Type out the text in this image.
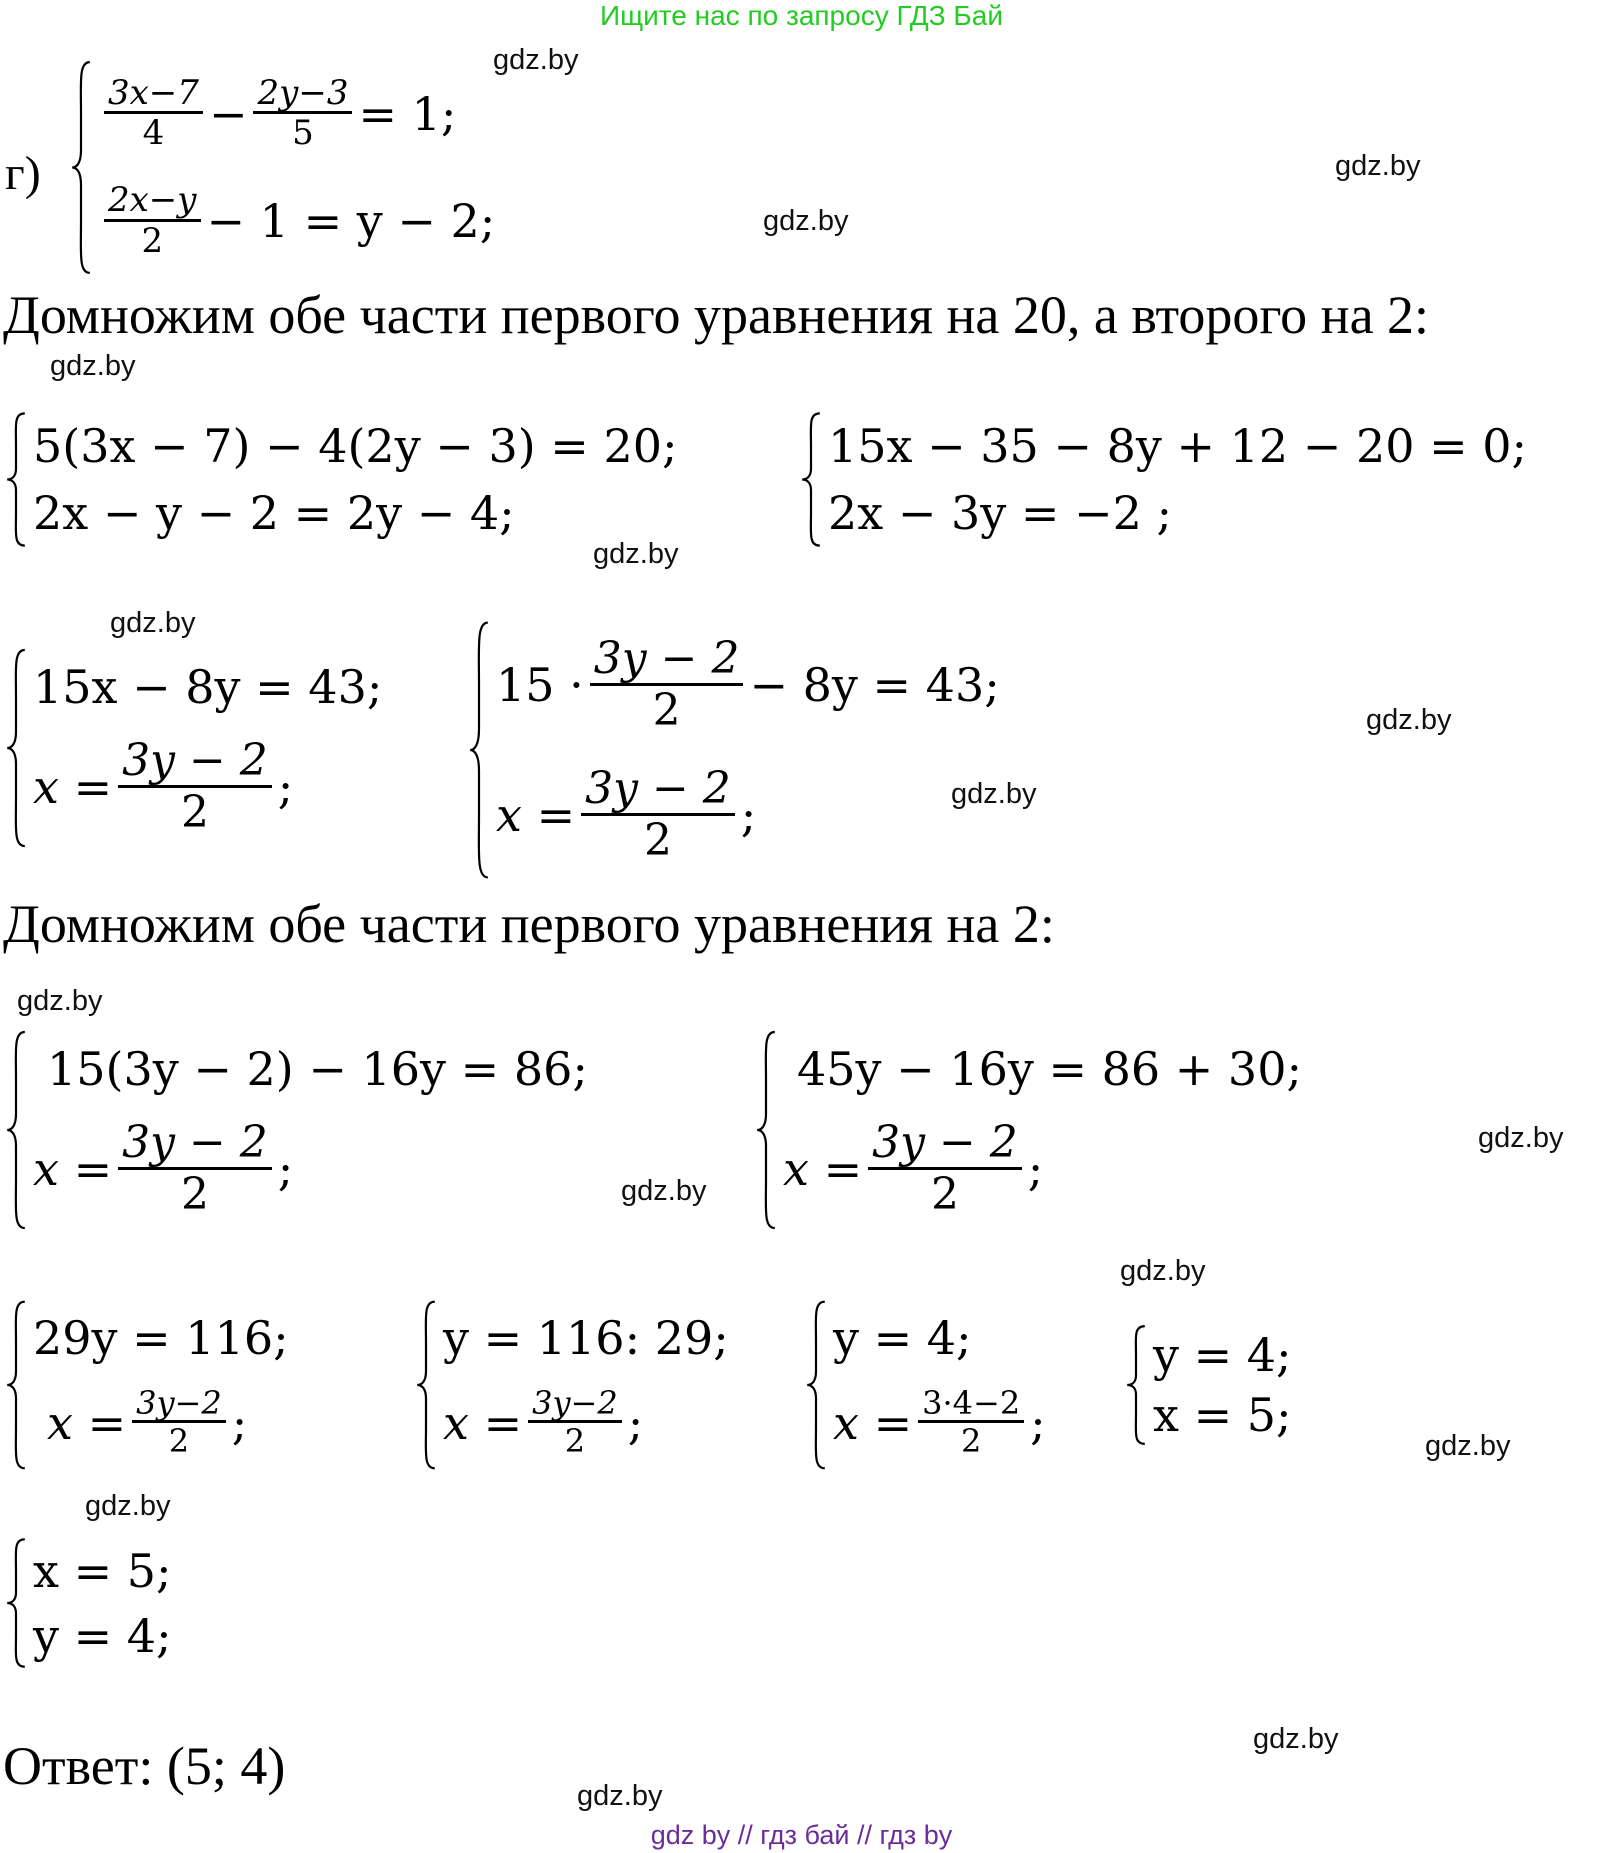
Ищите нас по запросу ГДЗ Бай
gdz.by
gdz.by
gdz.by
gdz.by
gdz.by
gdz.by
gdz.by
gdz.by
gdz.by
gdz.by
gdz.by
gdz.by
gdz.by
gdz.by
gdz.by
gdz.by
г)
3x−7
$4 - \frac{2y-3}{5} = 1$;
2x−y
2 − 1 = y − 2;
Домножим обе части первого уравнения на 20, а второго на 2:
5(3x − 7) − 4(2y − 3) = 20;
2x − y − 2 = 2y − 4;
15x − 35 − 8y + 12 − 20 = 0;
2x − 3y = −2 ;
15x − 8y = 43;
$x = \frac{3y - 2}{2}$ ;
15 · 3y − 2
2 − 8y = 43;
$x = \frac{3y - 2}{2}$ ;
Домножим обе части первого уравнения на 2:
15(3y − 2) − 16y = 86;
$x = \frac{3y - 2}{2}$ ;
45y − 16y = 86 + 30;
$x = \frac{3y - 2}{2}$ ;
29y = 116;
$x = \frac{3y-2}{2}$ ;
y = 116: 29;
$x = \frac{3y-2}{2}$ ;
y = 4;
$x = \frac{3\cdot 4-2}{2}$ ;
y = 4;
x = 5;
x = 5;
y = 4;
Ответ: (5; 4)
gdz by // гдз бай // гдз by
